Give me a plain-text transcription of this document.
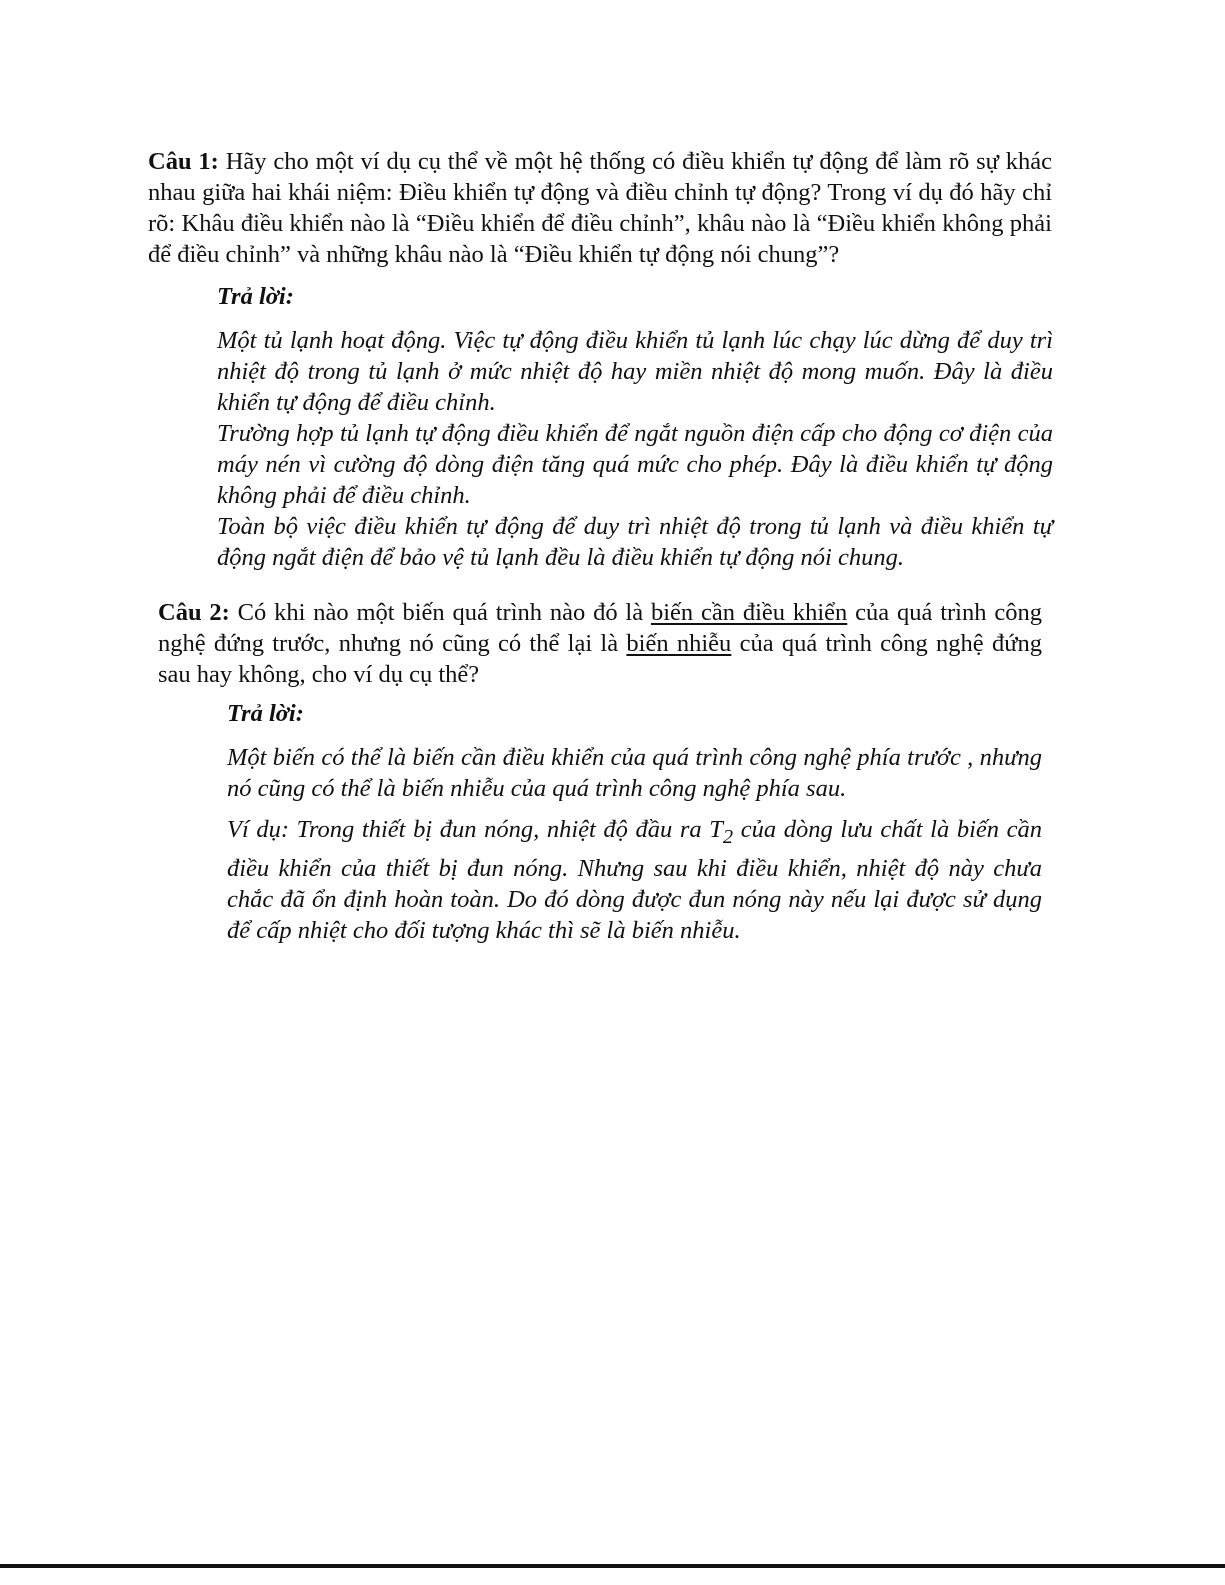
Câu 1: Hãy cho một ví dụ cụ thể về một hệ thống có điều khiển tự động để làm rõ sự khác nhau giữa hai khái niệm: Điều khiển tự động và điều chỉnh tự động? Trong ví dụ đó hãy chỉ rõ: Khâu điều khiển nào là “Điều khiển để điều chỉnh”, khâu nào là “Điều khiển không phải để điều chỉnh” và những khâu nào là “Điều khiển tự động nói chung”?
Trả lời:

Một tủ lạnh hoạt động. Việc tự động điều khiển tủ lạnh lúc chạy lúc dừng để duy trì nhiệt độ trong tủ lạnh ở mức nhiệt độ hay miền nhiệt độ mong muốn. Đây là điều khiển tự động để điều chỉnh.

Trường hợp tủ lạnh tự động điều khiển để ngắt nguồn điện cấp cho động cơ điện của máy nén vì cường độ dòng điện tăng quá mức cho phép. Đây là điều khiển tự động không phải để điều chỉnh.

Toàn bộ việc điều khiển tự động để duy trì nhiệt độ trong tủ lạnh và điều khiển tự động ngắt điện để bảo vệ tủ lạnh đều là điều khiển tự động nói chung.

Câu 2: Có khi nào một biến quá trình nào đó là biến cần điều khiển của quá trình công nghệ đứng trước, nhưng nó cũng có thể lại là biến nhiễu của quá trình công nghệ đứng sau hay không, cho ví dụ cụ thể?
Trả lời:

Một biến có thể là biến cần điều khiển của quá trình công nghệ phía trước , nhưng nó cũng có thể là biến nhiễu của quá trình công nghệ phía sau.

Ví dụ: Trong thiết bị đun nóng, nhiệt độ đầu ra $T_2$ của dòng lưu chất là biến cần điều khiển của thiết bị đun nóng. Nhưng sau khi điều khiển, nhiệt độ này chưa chắc đã ổn định hoàn toàn. Do đó dòng được đun nóng này nếu lại được sử dụng để cấp nhiệt cho đối tượng khác thì sẽ là biến nhiễu.
